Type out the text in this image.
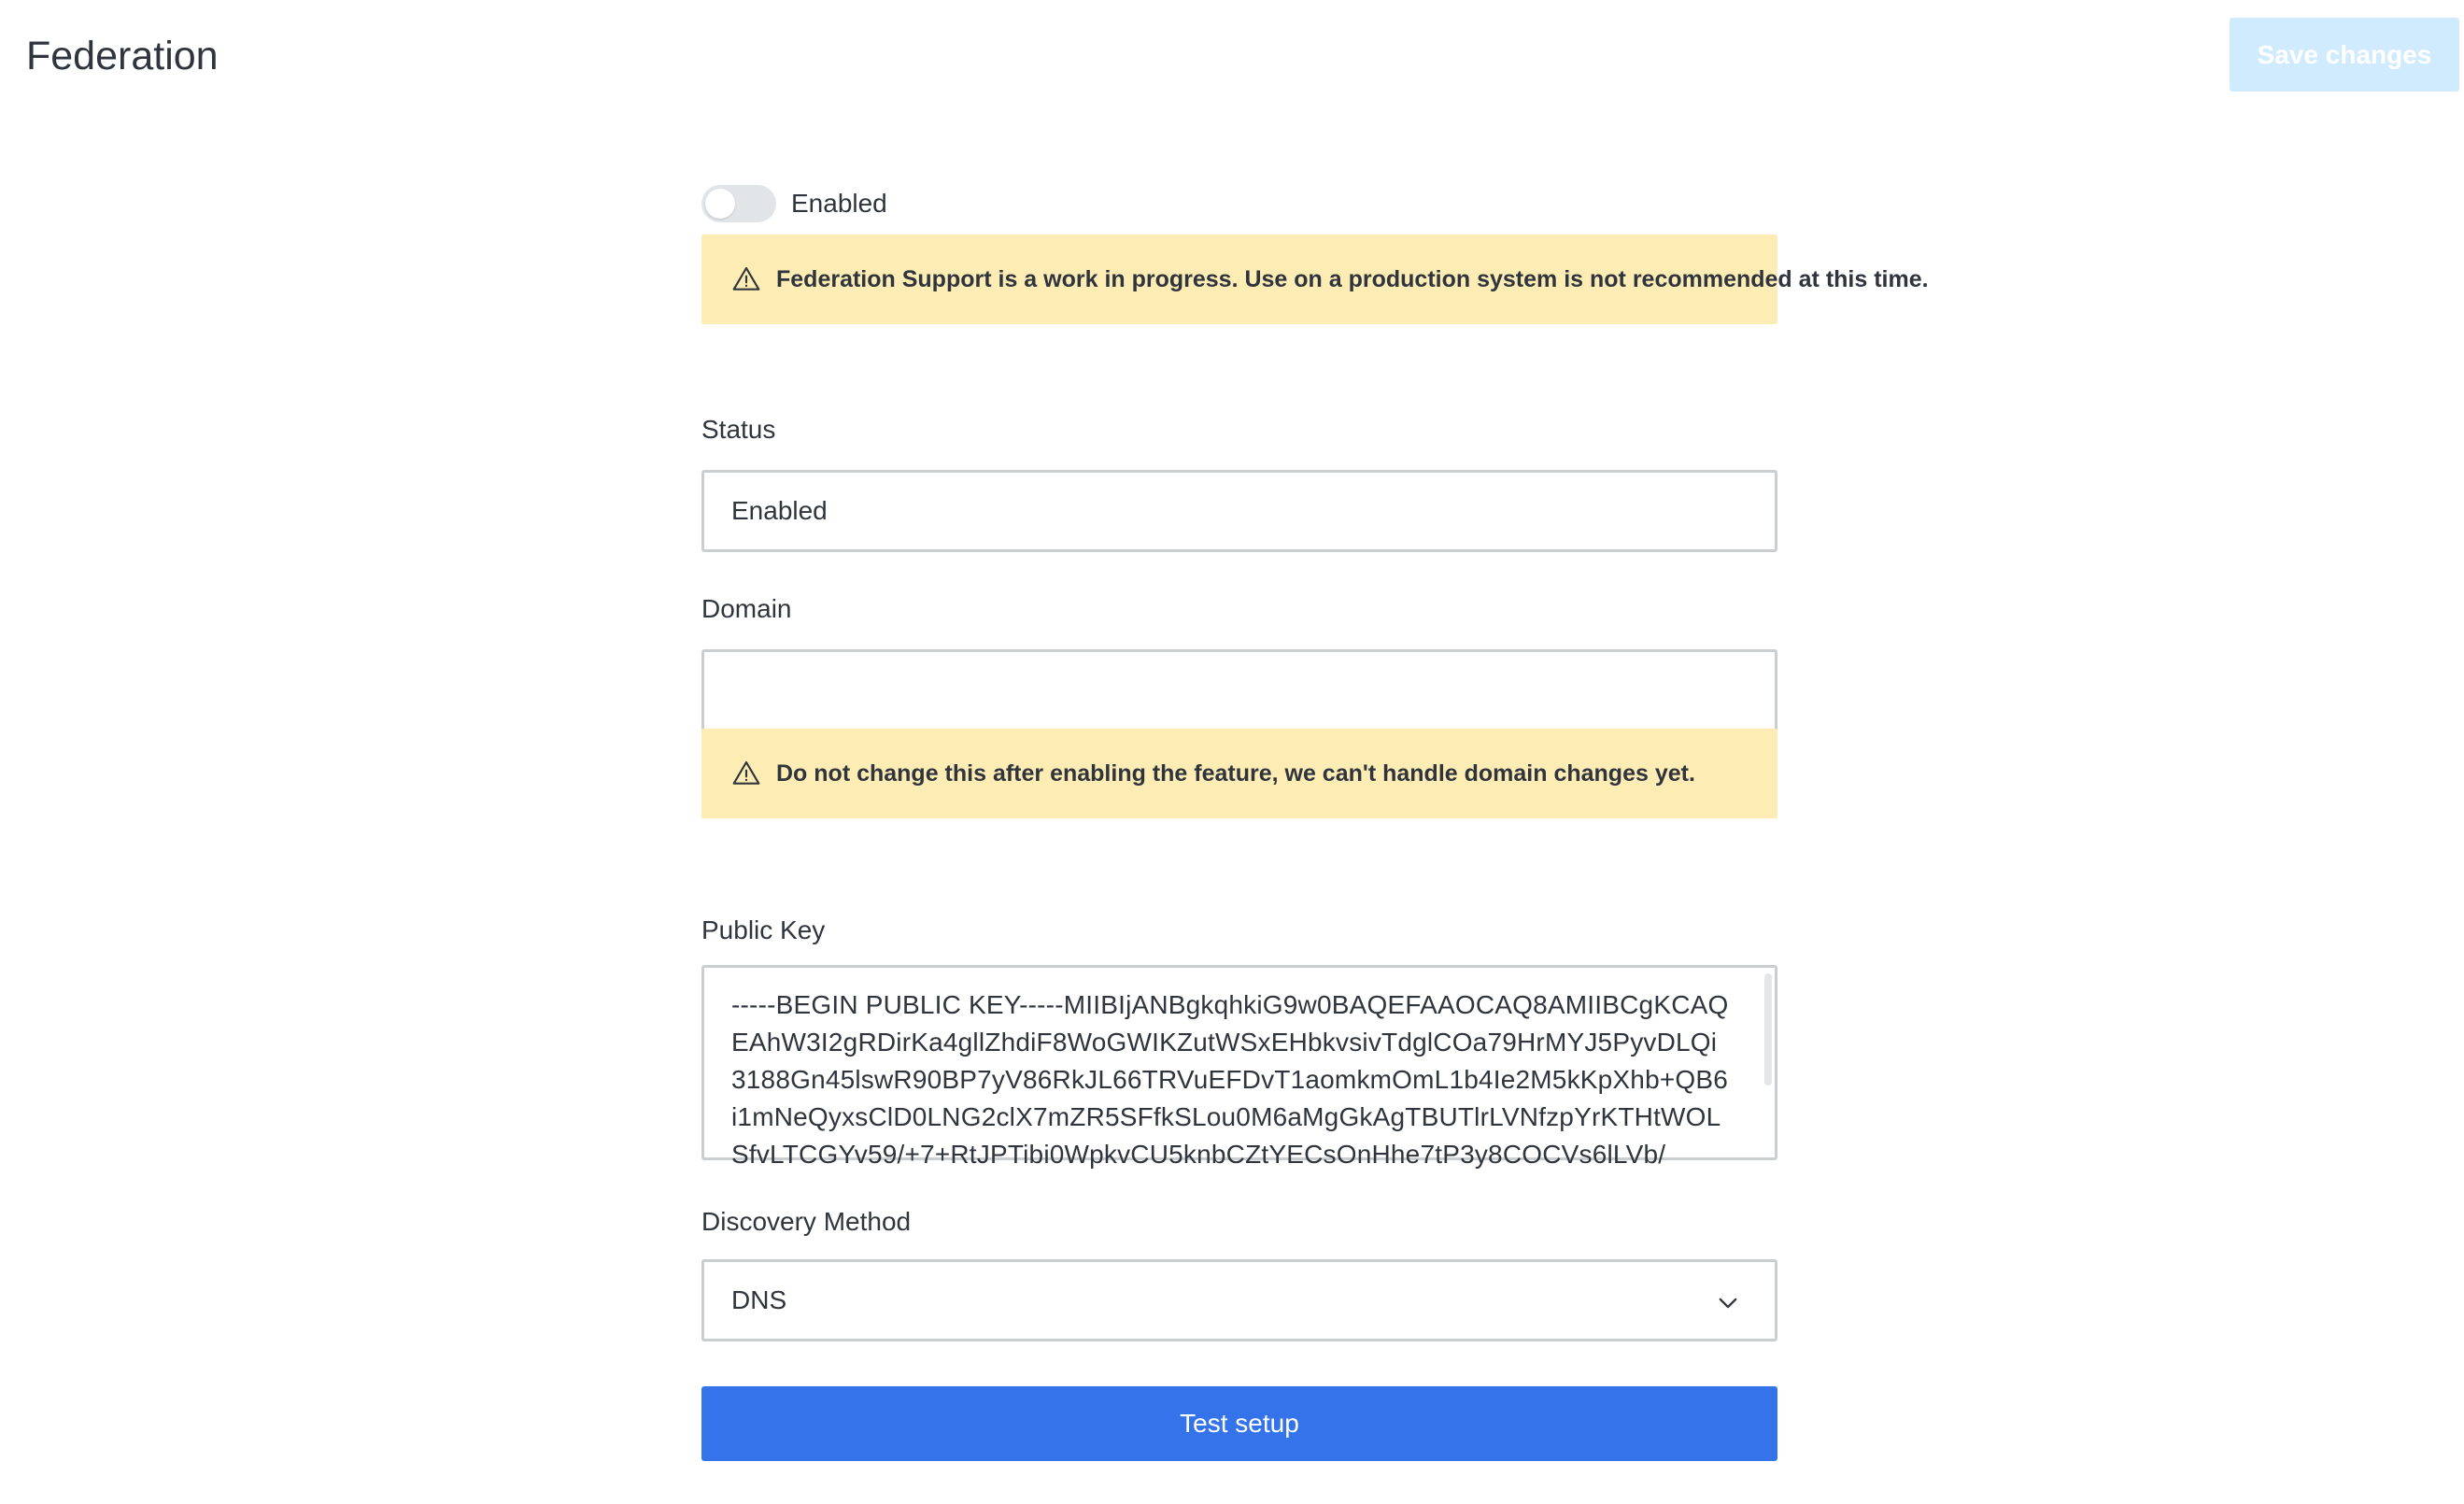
Federation	Save changes
Enabled
Federation Support is a work in progress. Use on a production system is not recommended at this time.
Status
Enabled
Domain
Do not change this after enabling the feature, we can't handle domain changes yet.
Public Key
-----BEGIN PUBLIC KEY-----MIIBIjANBgkqhkiG9w0BAQEFAAOCAQ8AMIIBCgKCAQEAhW3I2gRDirKa4gllZhdiF8WoGWIKZutWSxEHbkvsivTdglCOa79HrMYJ5PyvDLQi3188Gn45lswR90BP7yV86RkJL66TRVuEFDvT1aomkmOmL1b4Ie2M5kKpXhb+QB6i1mNeQyxsClD0LNG2clX7mZR5SFfkSLou0M6aMgGkAgTBUTlrLVNfzpYrKTHtWOLSfvLTCGYv59/+7+RtJPTibi0WpkvCU5knbCZtYECsOnHhe7tP3y8COCVs6lLVb/
Discovery Method
DNS
Test setup
